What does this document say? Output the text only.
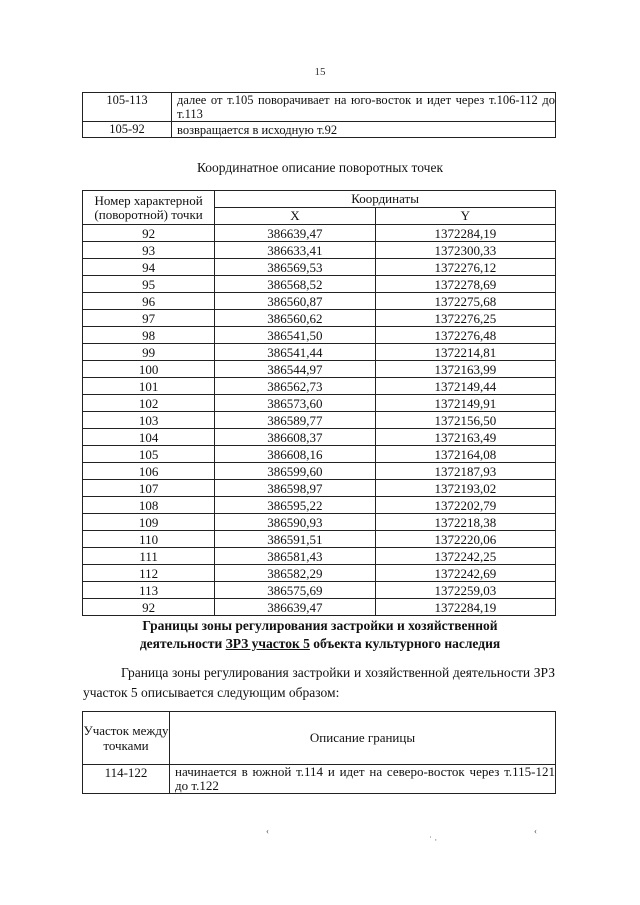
15
105-113	далее от т.105 поворачивает на юго-восток и идет через т.106-112 до т.113
105-92	возвращается в исходную т.92
Координатное описание поворотных точек
Номер характерной (поворотной) точки	Координаты	
	X	Y
92	386639,47	1372284,19
93	386633,41	1372300,33
94	386569,53	1372276,12
95	386568,52	1372278,69
96	386560,87	1372275,68
97	386560,62	1372276,25
98	386541,50	1372276,48
99	386541,44	1372214,81
100	386544,97	1372163,99
101	386562,73	1372149,44
102	386573,60	1372149,91
103	386589,77	1372156,50
104	386608,37	1372163,49
105	386608,16	1372164,08
106	386599,60	1372187,93
107	386598,97	1372193,02
108	386595,22	1372202,79
109	386590,93	1372218,38
110	386591,51	1372220,06
111	386581,43	1372242,25
112	386582,29	1372242,69
113	386575,69	1372259,03
92	386639,47	1372284,19
Границы зоны регулирования застройки и хозяйственной
деятельности ЗРЗ участок 5 объекта культурного наследия
Граница зоны регулирования застройки и хозяйственной деятельности ЗРЗ участок 5 описывается следующим образом:
Участок между точками	Описание границы
114-122	начинается в южной т.114 и идет на северо-восток через т.115-121 до т.122
‹
˙ ·
‹
